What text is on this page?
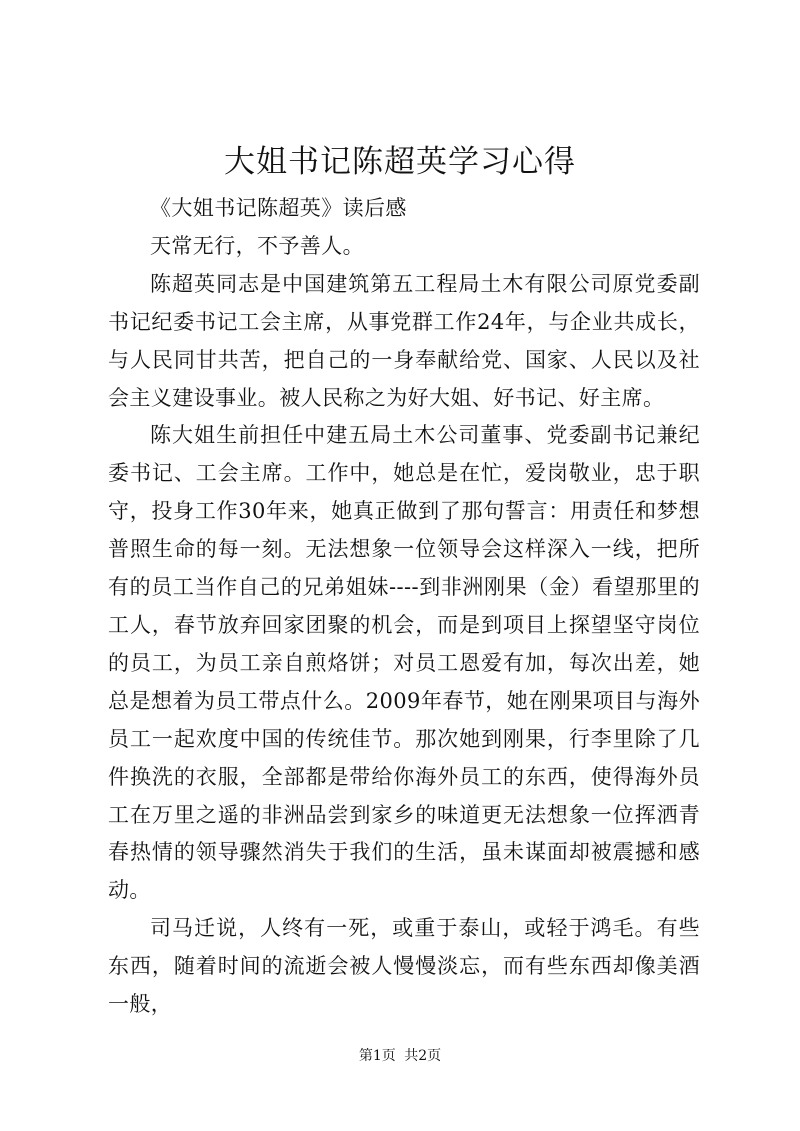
大姐书记陈超英学习心得

《大姐书记陈超英》读后感

天常无行，不予善人。

陈超英同志是中国建筑第五工程局土木有限公司原党委副书记纪委书记工会主席，从事党群工作24年，与企业共成长，与人民同甘共苦，把自己的一身奉献给党、国家、人民以及社会主义建设事业。被人民称之为好大姐、好书记、好主席。

陈大姐生前担任中建五局土木公司董事、党委副书记兼纪委书记、工会主席。工作中，她总是在忙，爱岗敬业，忠于职守，投身工作30年来，她真正做到了那句誓言：用责任和梦想普照生命的每一刻。无法想象一位领导会这样深入一线，把所有的员工当作自己的兄弟姐妹----到非洲刚果（金）看望那里的工人，春节放弃回家团聚的机会，而是到项目上探望坚守岗位的员工，为员工亲自煎烙饼；对员工恩爱有加，每次出差，她总是想着为员工带点什么。2009年春节，她在刚果项目与海外员工一起欢度中国的传统佳节。那次她到刚果，行李里除了几件换洗的衣服，全部都是带给你海外员工的东西，使得海外员工在万里之遥的非洲品尝到家乡的味道更无法想象一位挥洒青春热情的领导骤然消失于我们的生活，虽未谋面却被震撼和感动。

司马迁说，人终有一死，或重于泰山，或轻于鸿毛。有些东西，随着时间的流逝会被人慢慢淡忘，而有些东西却像美酒一般，

第1页 共2页
